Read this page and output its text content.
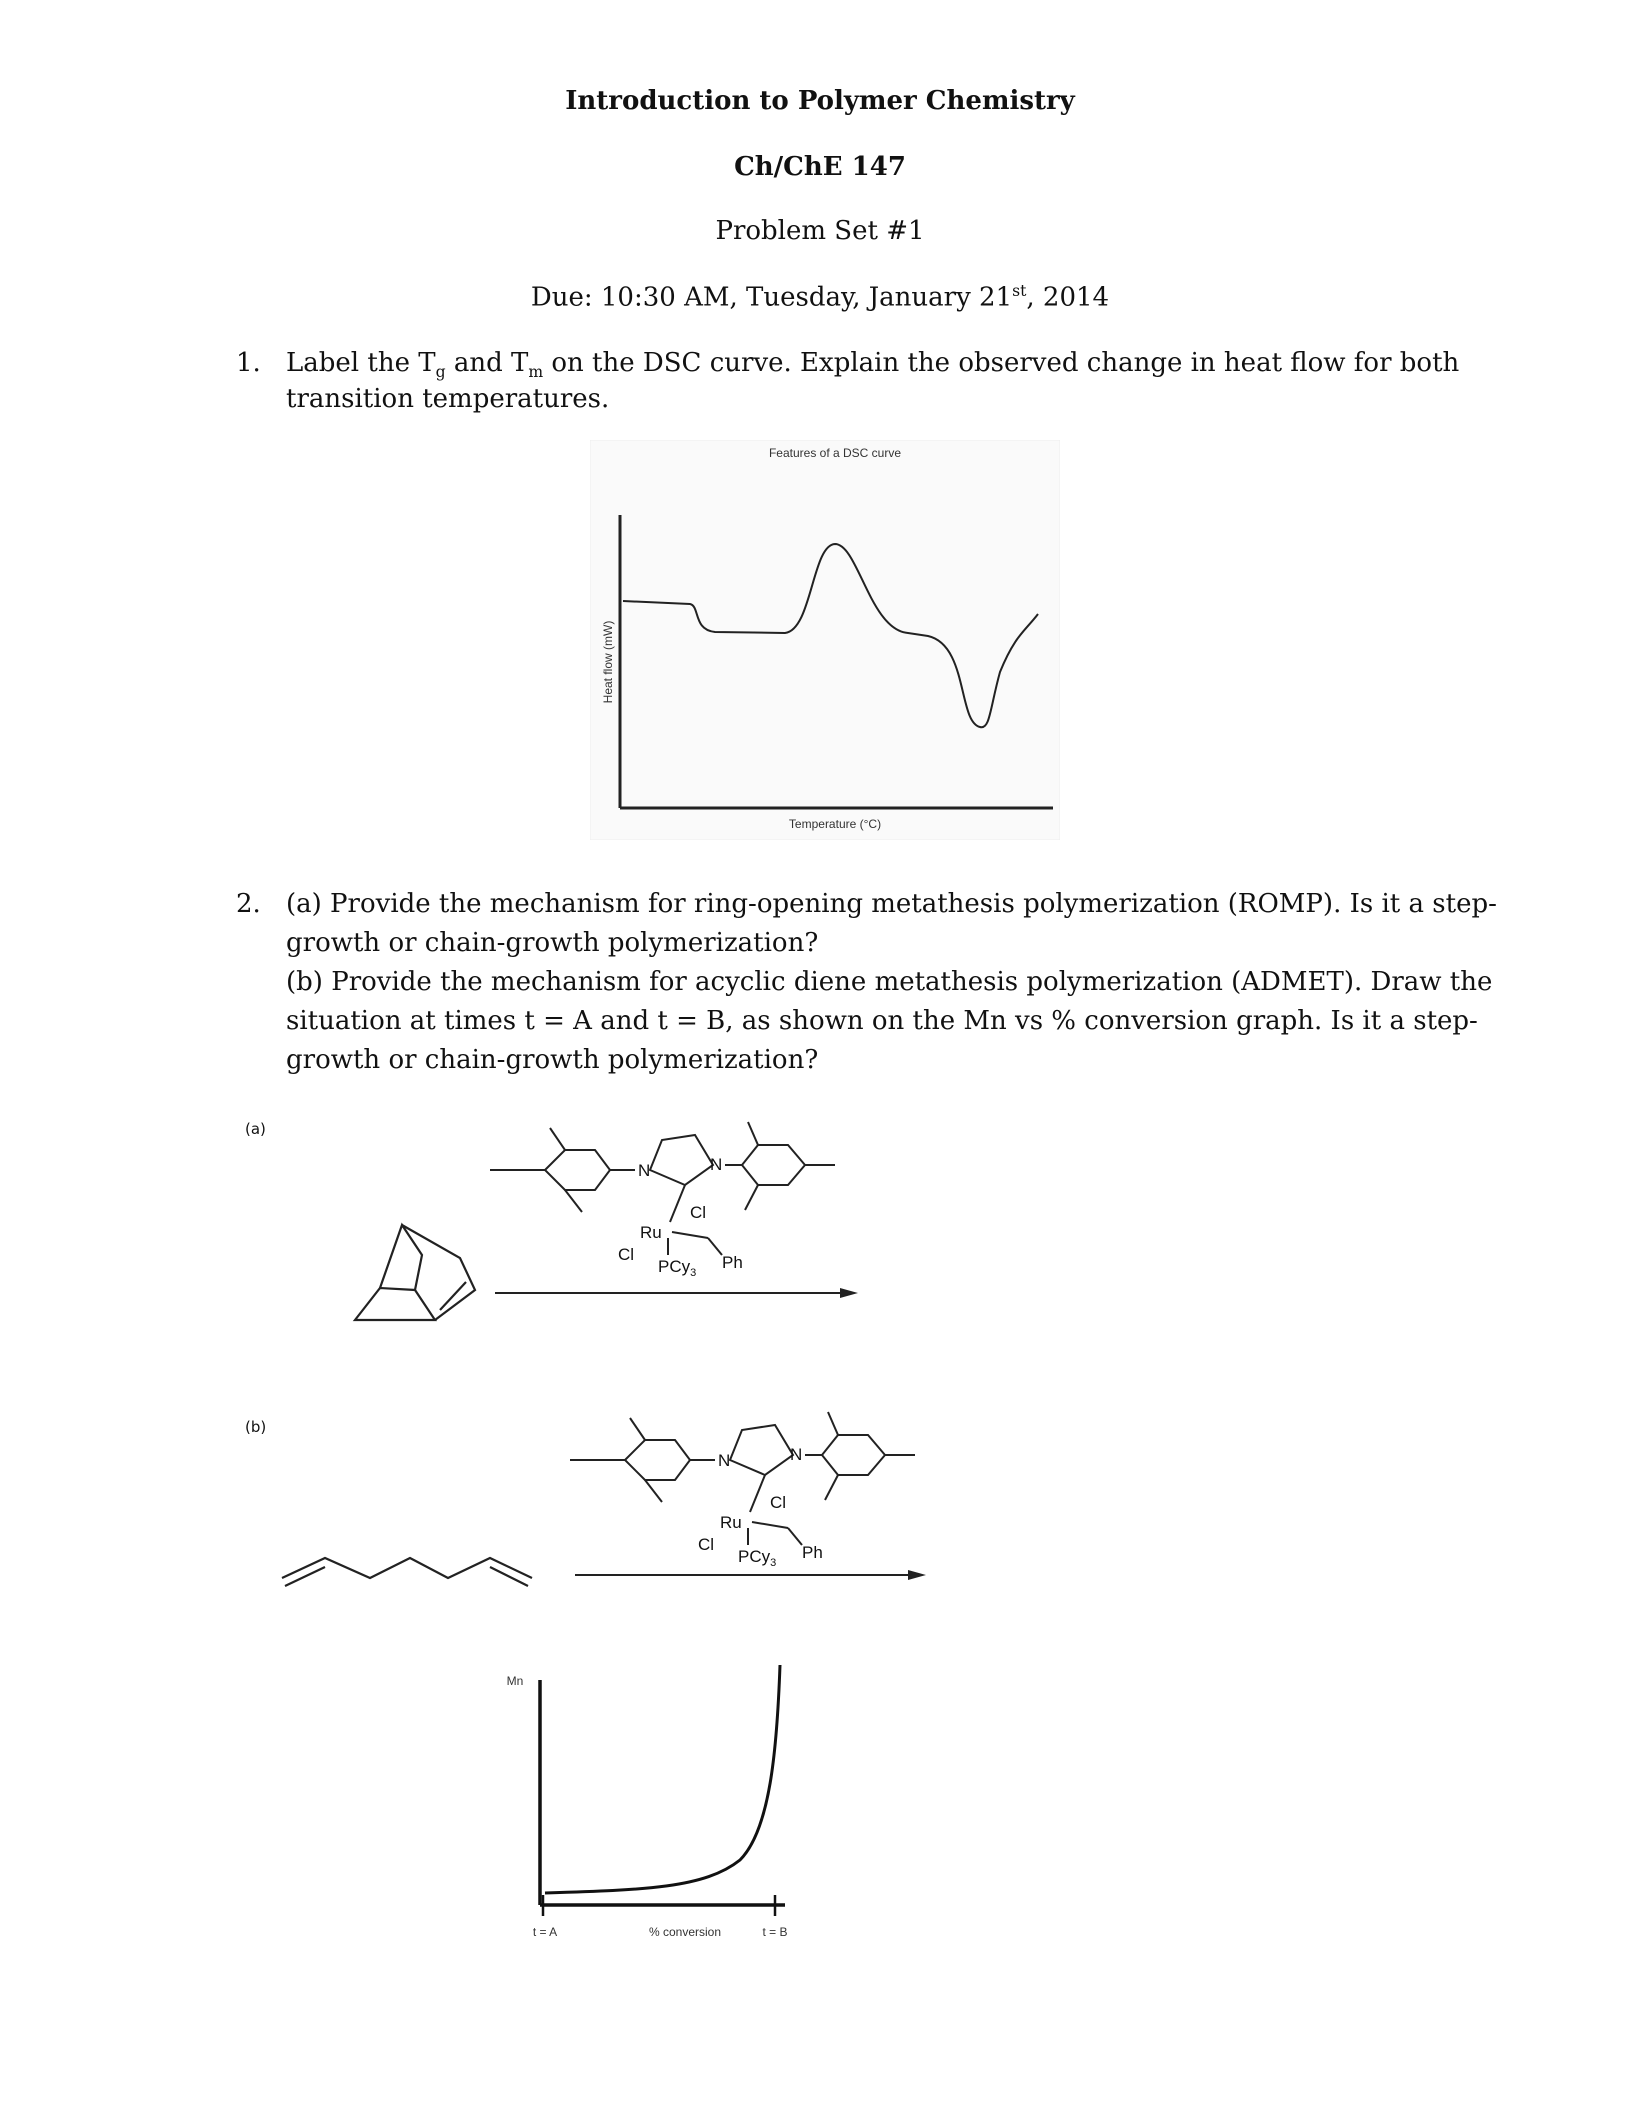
Introduction to Polymer Chemistry
Ch/ChE 147
Problem Set #1
Due: 10:30 AM, Tuesday, January 21st, 2014
1. Label the $T_g$ and $T_m$ on the DSC curve. Explain the observed change in heat flow for both
transition temperatures.
Features of a DSC curve
Heat flow (mW)
Temperature (°C)
2. (a) Provide the mechanism for ring-opening metathesis polymerization (ROMP). Is it a step-
growth or chain-growth polymerization?
(b) Provide the mechanism for acyclic diene metathesis polymerization (ADMET). Draw the
situation at times t = A and t = B, as shown on the Mn vs % conversion graph. Is it a step-
growth or chain-growth polymerization?
(a)
(b)
N	N
Cl
Ru
Cl
PCy$_3$
Ph
N	N
Cl
Ru
Cl
PCy$_3$
Ph
Mn
t = A	% conversion	t = B
